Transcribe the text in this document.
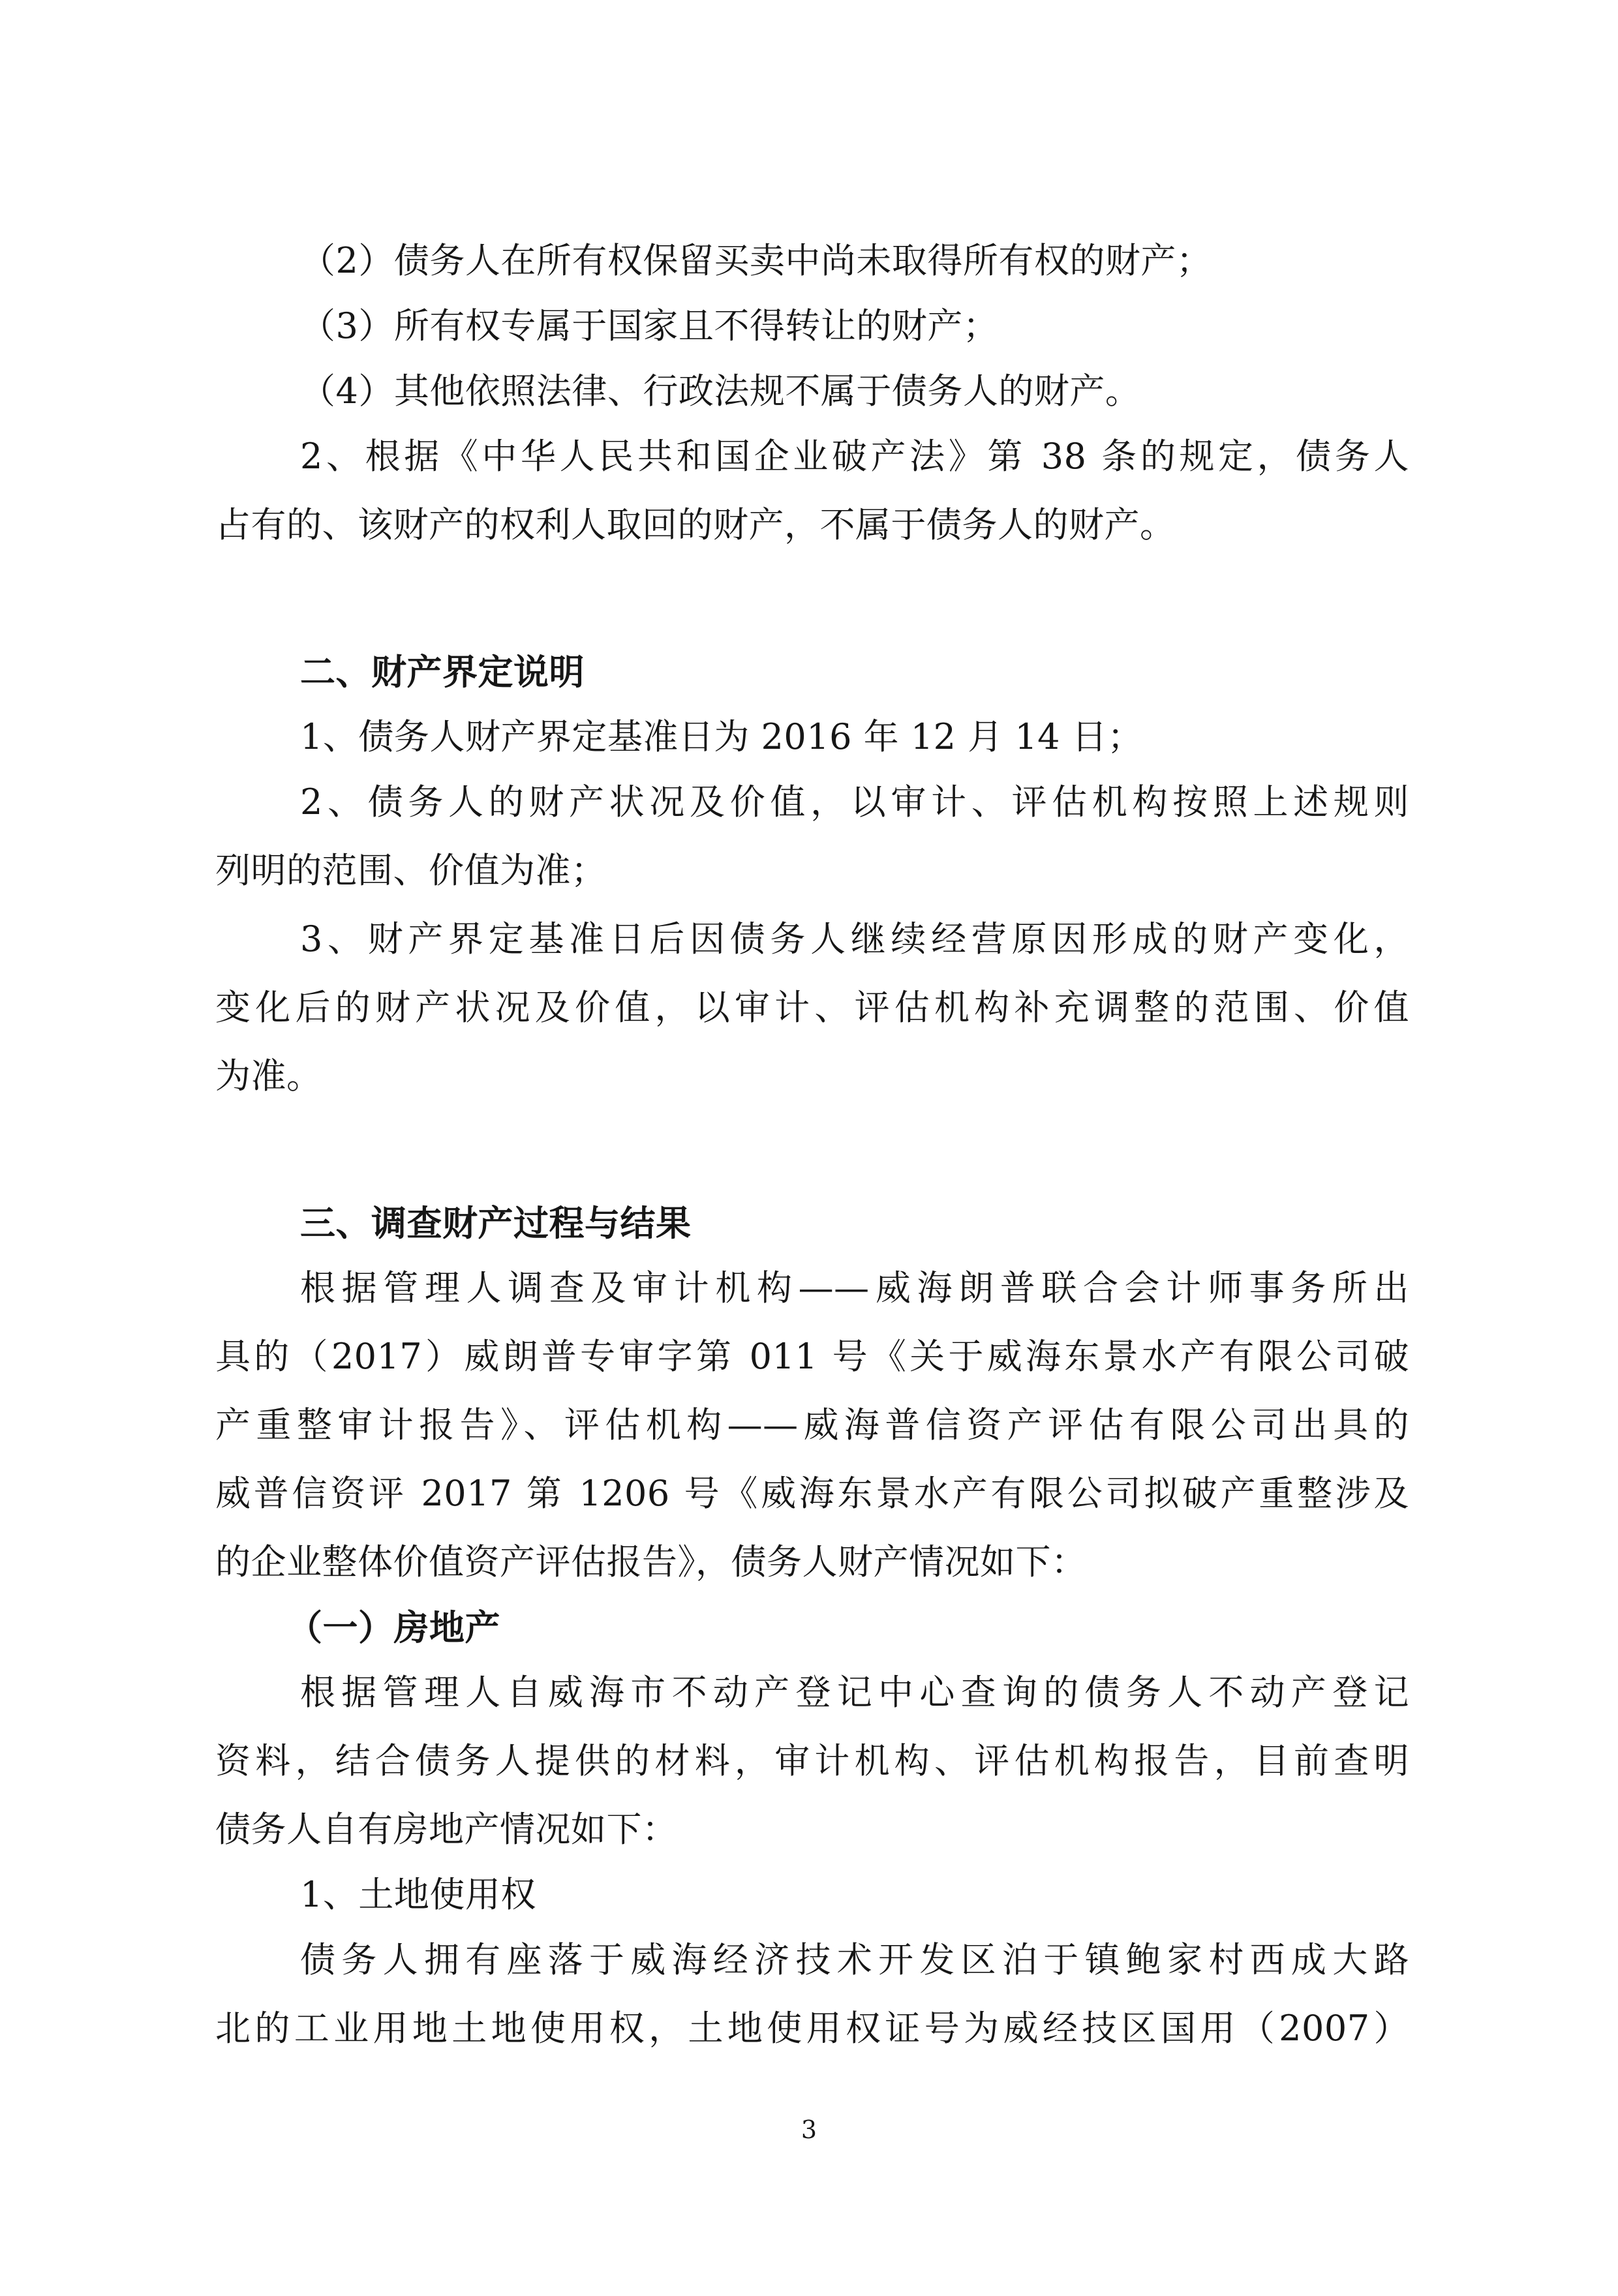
（2）债务人在所有权保留买卖中尚未取得所有权的财产；
（3）所有权专属于国家且不得转让的财产；
（4）其他依照法律、行政法规不属于债务人的财产。
2、根据《中华人民共和国企业破产法》第 38 条的规定，债务人
占有的、该财产的权利人取回的财产，不属于债务人的财产。
二、财产界定说明
1、债务人财产界定基准日为 2016 年 12 月 14 日；
2、债务人的财产状况及价值，以审计、评估机构按照上述规则
列明的范围、价值为准；
3、财产界定基准日后因债务人继续经营原因形成的财产变化，
变化后的财产状况及价值，以审计、评估机构补充调整的范围、价值
为准。
三、调查财产过程与结果
根据管理人调查及审计机构——威海朗普联合会计师事务所出
具的（2017）威朗普专审字第 011 号《关于威海东景水产有限公司破
产重整审计报告》、评估机构——威海普信资产评估有限公司出具的
威普信资评 2017 第 1206 号《威海东景水产有限公司拟破产重整涉及
的企业整体价值资产评估报告》，债务人财产情况如下：
（一）房地产
根据管理人自威海市不动产登记中心查询的债务人不动产登记
资料，结合债务人提供的材料，审计机构、评估机构报告，目前查明
债务人自有房地产情况如下：
1、土地使用权
债务人拥有座落于威海经济技术开发区泊于镇鲍家村西成大路
北的工业用地土地使用权，土地使用权证号为威经技区国用（2007）
3
